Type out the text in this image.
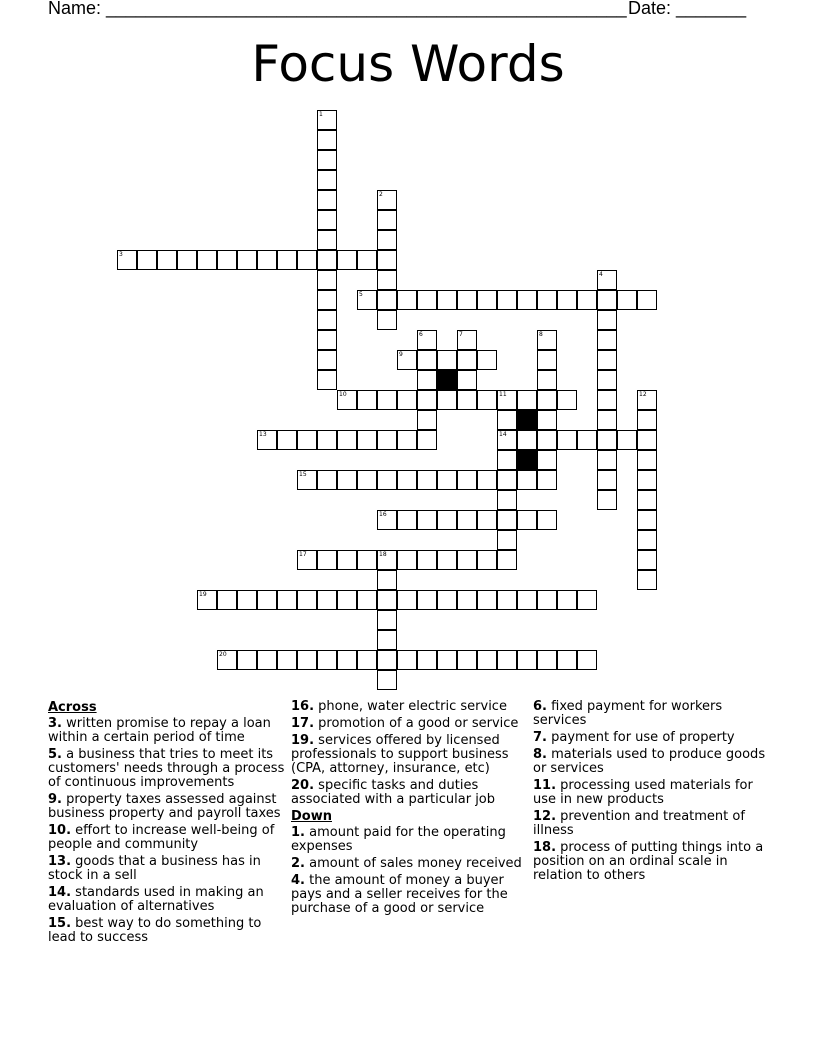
Name: ____________________________________________________ Date: _______
Focus Words
1
2
3
4
5
6	7	8
9
10	11
14
12
13
15
16
17	18
19
20
Across
3. written promise to repay a loan within a certain period of time
5. a business that tries to meet its customers' needs through a process of continuous improvements
9. property taxes assessed against business property and payroll taxes
10. effort to increase well-being of people and community
13. goods that a business has in stock in a sell
14. standards used in making an evaluation of alternatives
15. best way to do something to lead to success
16. phone, water electric service
17. promotion of a good or service
19. services offered by licensed professionals to support business (CPA, attorney, insurance, etc)
20. specific tasks and duties associated with a particular job
Down
1. amount paid for the operating expenses
2. amount of sales money received
4. the amount of money a buyer pays and a seller receives for the purchase of a good or service
6. fixed payment for workers services
7. payment for use of property
8. materials used to produce goods or services
11. processing used materials for use in new products
12. prevention and treatment of illness
18. process of putting things into a position on an ordinal scale in relation to others
